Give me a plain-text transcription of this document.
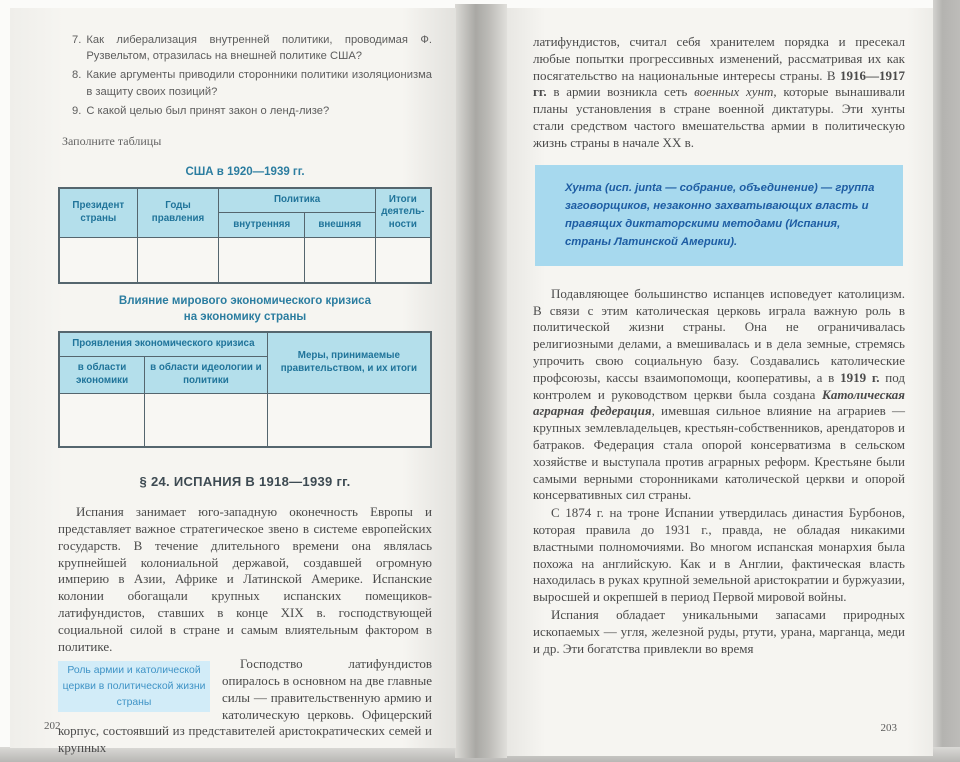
7. Как либерализация внутренней политики, проводимая Ф. Рузвельтом, отразилась на внешней политике США?
8. Какие аргументы приводили сторонники политики изоляционизма в защиту своих позиций?
9. С какой целью был принят закон о ленд-лизе?
Заполните таблицы
США в 1920—1939 гг.
Президент страны	Годы правления	Политика		Итоги деятель- ности
		внутренняя	внешняя	

Влияние мирового экономического кризиса
на экономику страны
Проявления экономического кризиса		Меры, принимаемые правительством, и их итоги
в области экономики	в области идеологии и политики	

§ 24. ИСПАНИЯ В 1918—1939 гг.

Испания занимает юго-западную оконечность Европы и представляет важное стратегическое звено в системе европейских государств. В течение длительного времени она являлась крупнейшей колониальной державой, создавшей огромную империю в Азии, Африке и Латинской Америке. Испанские колонии обогащали крупных испанских помещиков-латифундистов, ставших в конце XIX в. господствующей социальной силой в стране и самым влиятельным фактором в политике.

Роль армии и католической церкви в политической жизни страны

Господство латифундистов опиралось в основном на две главные силы — правительственную армию и католическую церковь. Офицерский корпус, состоявший из представителей аристократических семей и крупных

202

латифундистов, считал себя хранителем порядка и пресекал любые попытки прогрессивных изменений, рассматривая их как посягательство на национальные интересы страны. В 1916—1917 гг. в армии возникла сеть военных хунт, которые вынашивали планы установления в стране военной диктатуры. Эти хунты стали средством частого вмешательства армии в политическую жизнь страны в начале XX в.

Хунта (исп. junta — собрание, объединение) — группа заговорщиков, незаконно захватывающих власть и правящих диктаторскими методами (Испания, страны Латинской Америки).

Подавляющее большинство испанцев исповедует католицизм. В связи с этим католическая церковь играла важную роль в политической жизни страны. Она не ограничивалась религиозными делами, а вмешивалась и в дела земные, стремясь упрочить свою социальную базу. Создавались католические профсоюзы, кассы взаимопомощи, кооперативы, а в 1919 г. под контролем и руководством церкви была создана Католическая аграрная федерация, имевшая сильное влияние на аграриев — крупных землевладельцев, крестьян-собственников, арендаторов и батраков. Федерация стала опорой консерватизма в сельском хозяйстве и выступала против аграрных реформ. Крестьяне были самыми верными сторонниками католической церкви и опорой консервативных сил страны.

С 1874 г. на троне Испании утвердилась династия Бурбонов, которая правила до 1931 г., правда, не обладая никакими властными полномочиями. Во многом испанская монархия была похожа на английскую. Как и в Англии, фактическая власть находилась в руках крупной земельной аристократии и буржуазии, выросшей и окрепшей в период Первой мировой войны.

Испания обладает уникальными запасами природных ископаемых — угля, железной руды, ртути, урана, марганца, меди и др. Эти богатства привлекли во время

203
